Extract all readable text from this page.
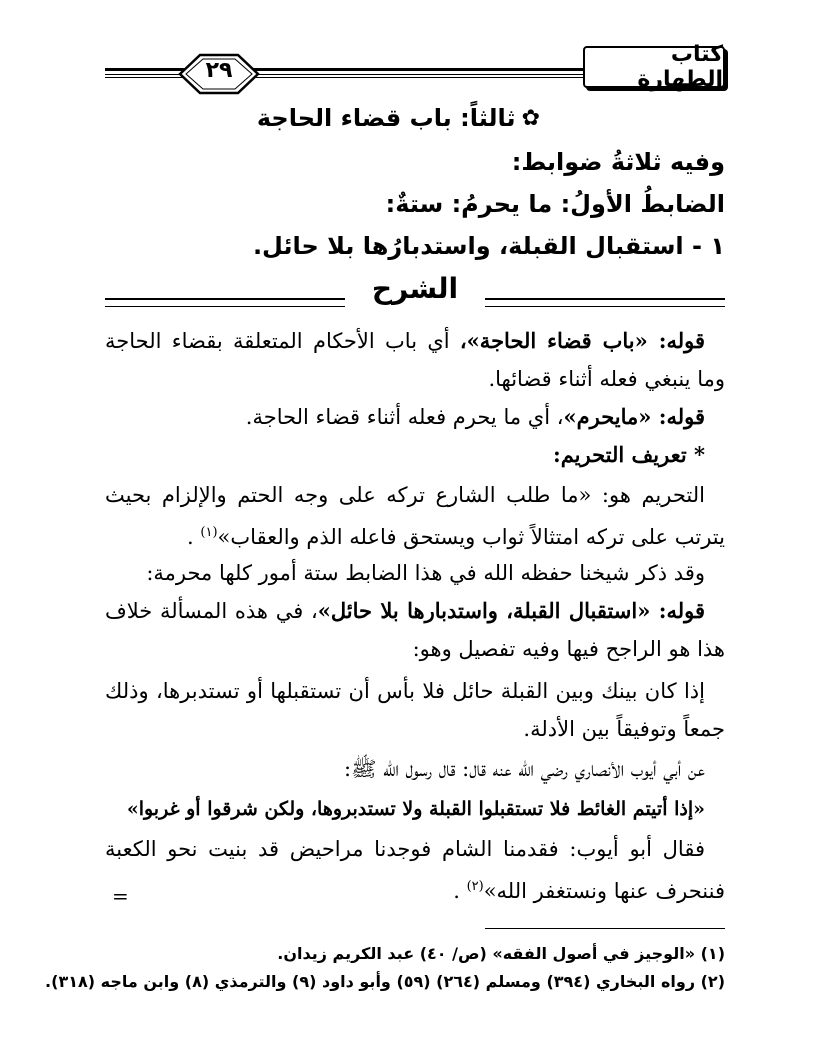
كتاب الطهارة
٢٩
✿
ثالثاً: باب قضاء الحاجة
وفيه ثلاثةُ ضوابط:
الضابطُ الأولُ: ما يحرمُ: ستةٌ:
١ - استقبال القبلة، واستدبارُها بلا حائل.
الشرح
قوله: «باب قضاء الحاجة»، أي باب الأحكام المتعلقة بقضاء الحاجة وما ينبغي فعله أثناء قضائها.
قوله: «مايحرم»، أي ما يحرم فعله أثناء قضاء الحاجة.
* تعريف التحريم:
التحريم هو: «ما طلب الشارع تركه على وجه الحتم والإلزام بحيث يترتب على تركه امتثالاً ثواب ويستحق فاعله الذم والعقاب»$^{(١)}$ .
وقد ذكر شيخنا حفظه الله في هذا الضابط ستة أمور كلها محرمة:
قوله: «استقبال القبلة، واستدبارها بلا حائل»، في هذه المسألة خلاف هذا هو الراجح فيها وفيه تفصيل وهو:
إذا كان بينك وبين القبلة حائل فلا بأس أن تستقبلها أو تستدبرها، وذلك جمعاً وتوفيقاً بين الأدلة.
عن أبي أيوب الأنصاري رضي الله عنه قال: قال رسول الله ﷺ:
«إذا أتيتم الغائط فلا تستقبلوا القبلة ولا تستدبروها، ولكن شرقوا أو غربوا»
فقال أبو أيوب: فقدمنا الشام فوجدنا مراحيض قد بنيت نحو الكعبة فننحرف عنها ونستغفر الله»$^{(٢)}$ .
=
(١) «الوجيز في أصول الفقه» (ص/ ٤٠) عبد الكريم زيدان.
(٢) رواه البخاري (٣٩٤) ومسلم (٢٦٤) (٥٩) وأبو داود (٩) والترمذي (٨) وابن ماجه (٣١٨).
